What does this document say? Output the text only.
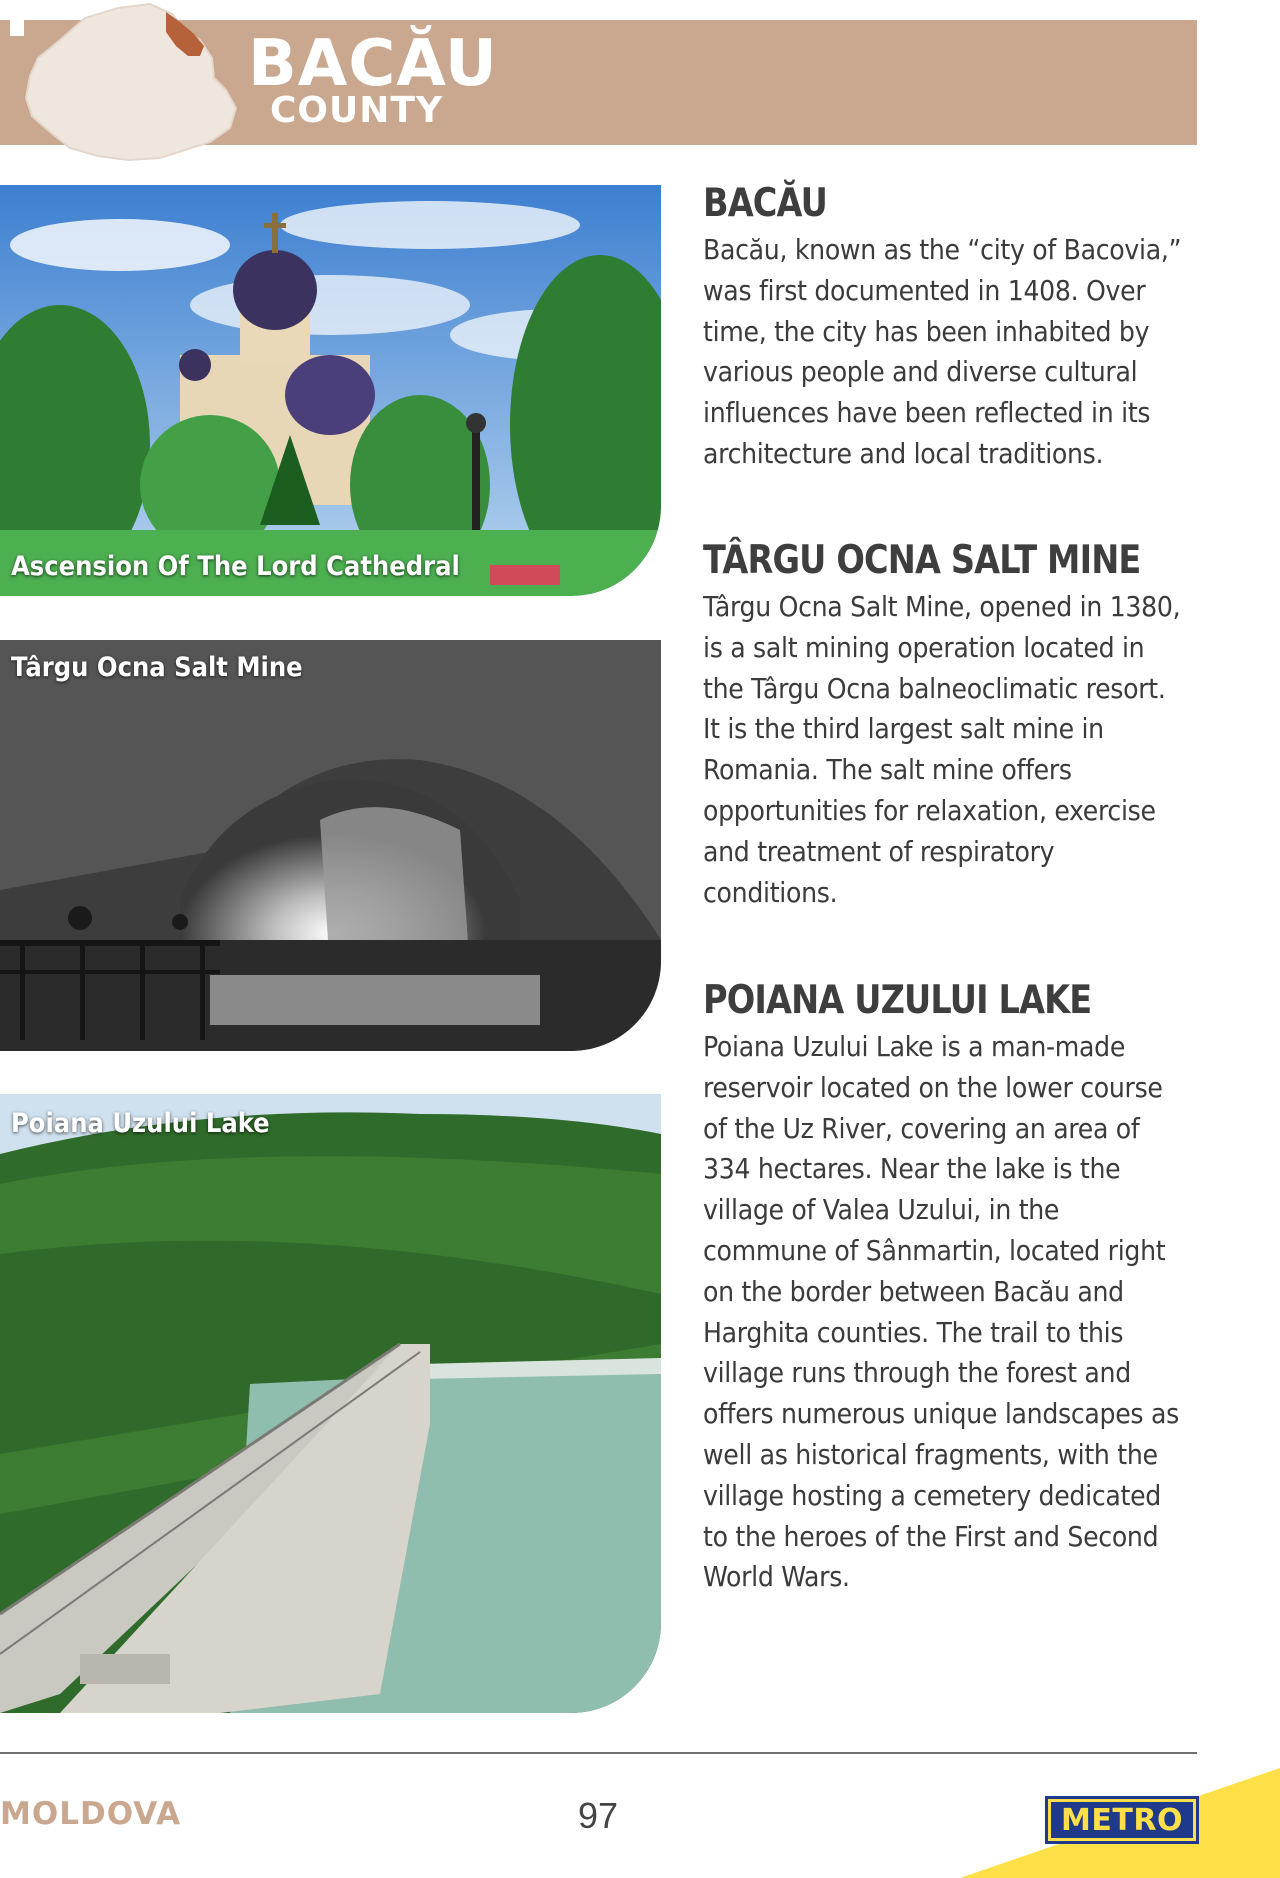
BACĂU
COUNTY
Ascension Of The Lord Cathedral
Târgu Ocna Salt Mine
Poiana Uzului Lake
BACĂU

Bacău, known as the “city of Bacovia,” was first documented in 1408. Over time, the city has been inhabited by various people and diverse cultural influences have been reflected in its architecture and local traditions.

TÂRGU OCNA SALT MINE

Târgu Ocna Salt Mine, opened in 1380, is a salt mining operation located in the Târgu Ocna balneoclimatic resort. It is the third largest salt mine in Romania. The salt mine offers opportunities for relaxation, exercise and treatment of respiratory conditions.

POIANA UZULUI LAKE

Poiana Uzului Lake is a man-made reservoir located on the lower course of the Uz River, covering an area of 334 hectares. Near the lake is the village of Valea Uzului, in the commune of Sânmartin, located right on the border between Bacău and Harghita counties. The trail to this village runs through the forest and offers numerous unique landscapes as well as historical fragments, with the village hosting a cemetery dedicated to the heroes of the First and Second World Wars.

MOLDOVA	97	METRO
